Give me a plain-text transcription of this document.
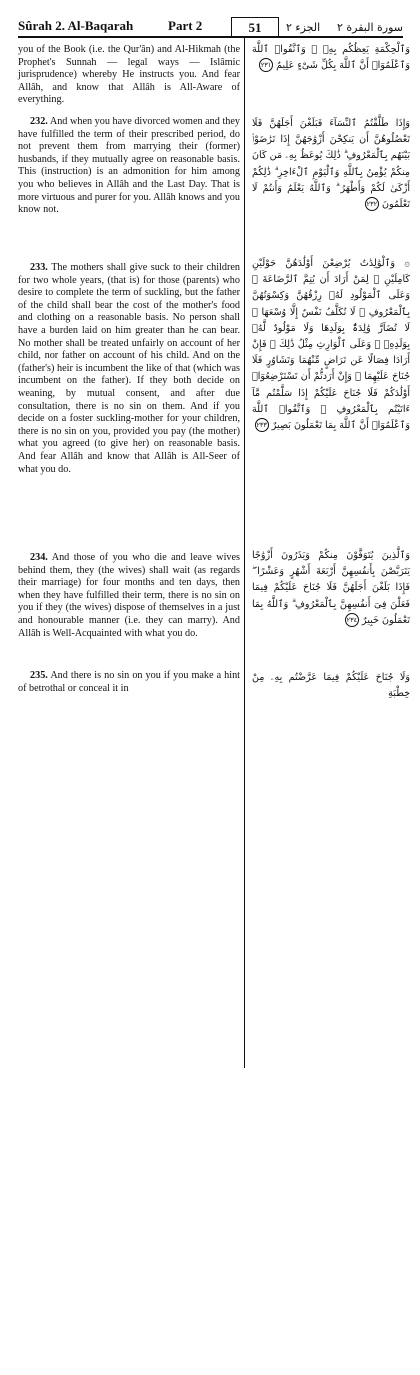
Sûrah 2. Al-Baqarah	Part 2	51	الجزء ٢ سورة البقرة ٢

you of the Book (i.e. the Qur'ân) and Al-Hikmah (the Prophet's Sunnah — legal ways — Islâmic jurisprudence) whereby He instructs you. And fear Allâh, and know that Allâh is All-Aware of everything.

232. And when you have divorced women and they have fulfilled the term of their prescribed period, do not prevent them from marrying their (former) husbands, if they mutually agree on reasonable basis. This (instruction) is an admonition for him among you who believes in Allâh and the Last Day. That is more virtuous and purer for you. Allâh knows and you know not.

233. The mothers shall give suck to their children for two whole years, (that is) for those (parents) who desire to complete the term of suckling, but the father of the child shall bear the cost of the mother's food and clothing on a reasonable basis. No person shall have a burden laid on him greater than he can bear. No mother shall be treated unfairly on account of her child, nor father on account of his child. And on the (father's) heir is incumbent the like of that (which was incumbent on the father). If they both decide on weaning, by mutual consent, and after due consultation, there is no sin on them. And if you decide on a foster suckling-mother for your children, there is no sin on you, provided you pay (the mother) what you agreed (to give her) on reasonable basis. And fear Allâh and know that Allâh is All-Seer of what you do.

234. And those of you who die and leave wives behind them, they (the wives) shall wait (as regards their marriage) for four months and ten days, then when they have fulfilled their term, there is no sin on you if they (the wives) dispose of themselves in a just and honourable manner (i.e. they can marry). And Allâh is Well-Acquainted with what you do.

235. And there is no sin on you if you make a hint of betrothal or conceal it in

وَٱلْحِكْمَةِ يَعِظُكُم بِهِۦ ۚ وَٱتَّقُوا۟ ٱللَّهَ وَٱعْلَمُوٓا۟ أَنَّ ٱللَّهَ بِكُلِّ شَىْءٍ عَلِيمٌ ٢٣١

وَإِذَا طَلَّقْتُمُ ٱلنِّسَآءَ فَبَلَغْنَ أَجَلَهُنَّ فَلَا تَعْضُلُوهُنَّ أَن يَنكِحْنَ أَزْوَٰجَهُنَّ إِذَا تَرَٰضَوْا۟ بَيْنَهُم بِٱلْمَعْرُوفِ ۗ ذَٰلِكَ يُوعَظُ بِهِۦ مَن كَانَ مِنكُمْ يُؤْمِنُ بِٱللَّهِ وَٱلْيَوْمِ ٱلْءَاخِرِ ۗ ذَٰلِكُمْ أَزْكَىٰ لَكُمْ وَأَطْهَرُ ۗ وَٱللَّهُ يَعْلَمُ وَأَنتُمْ لَا تَعْلَمُونَ ٢٣٢

۞ وَٱلْوَٰلِدَٰتُ يُرْضِعْنَ أَوْلَٰدَهُنَّ حَوْلَيْنِ كَامِلَيْنِ ۖ لِمَنْ أَرَادَ أَن يُتِمَّ ٱلرَّضَاعَةَ ۚ وَعَلَى ٱلْمَوْلُودِ لَهُۥ رِزْقُهُنَّ وَكِسْوَتُهُنَّ بِٱلْمَعْرُوفِ ۚ لَا تُكَلَّفُ نَفْسٌ إِلَّا وُسْعَهَا ۚ لَا تُضَآرَّ وَٰلِدَةٌۢ بِوَلَدِهَا وَلَا مَوْلُودٌ لَّهُۥ بِوَلَدِهِۦ ۚ وَعَلَى ٱلْوَارِثِ مِثْلُ ذَٰلِكَ ۗ فَإِنْ أَرَادَا فِصَالًا عَن تَرَاضٍ مِّنْهُمَا وَتَشَاوُرٍ فَلَا جُنَاحَ عَلَيْهِمَا ۗ وَإِنْ أَرَدتُّمْ أَن تَسْتَرْضِعُوٓا۟ أَوْلَٰدَكُمْ فَلَا جُنَاحَ عَلَيْكُمْ إِذَا سَلَّمْتُم مَّآ ءَاتَيْتُم بِٱلْمَعْرُوفِ ۗ وَٱتَّقُوا۟ ٱللَّهَ وَٱعْلَمُوٓا۟ أَنَّ ٱللَّهَ بِمَا تَعْمَلُونَ بَصِيرٌ ٢٣٣

وَٱلَّذِينَ يُتَوَفَّوْنَ مِنكُمْ وَيَذَرُونَ أَزْوَٰجًا يَتَرَبَّصْنَ بِأَنفُسِهِنَّ أَرْبَعَةَ أَشْهُرٍ وَعَشْرًا ۖ فَإِذَا بَلَغْنَ أَجَلَهُنَّ فَلَا جُنَاحَ عَلَيْكُمْ فِيمَا فَعَلْنَ فِىٓ أَنفُسِهِنَّ بِٱلْمَعْرُوفِ ۗ وَٱللَّهُ بِمَا تَعْمَلُونَ خَبِيرٌ ٢٣٤

وَلَا جُنَاحَ عَلَيْكُمْ فِيمَا عَرَّضْتُم بِهِۦ مِنْ خِطْبَةِ
